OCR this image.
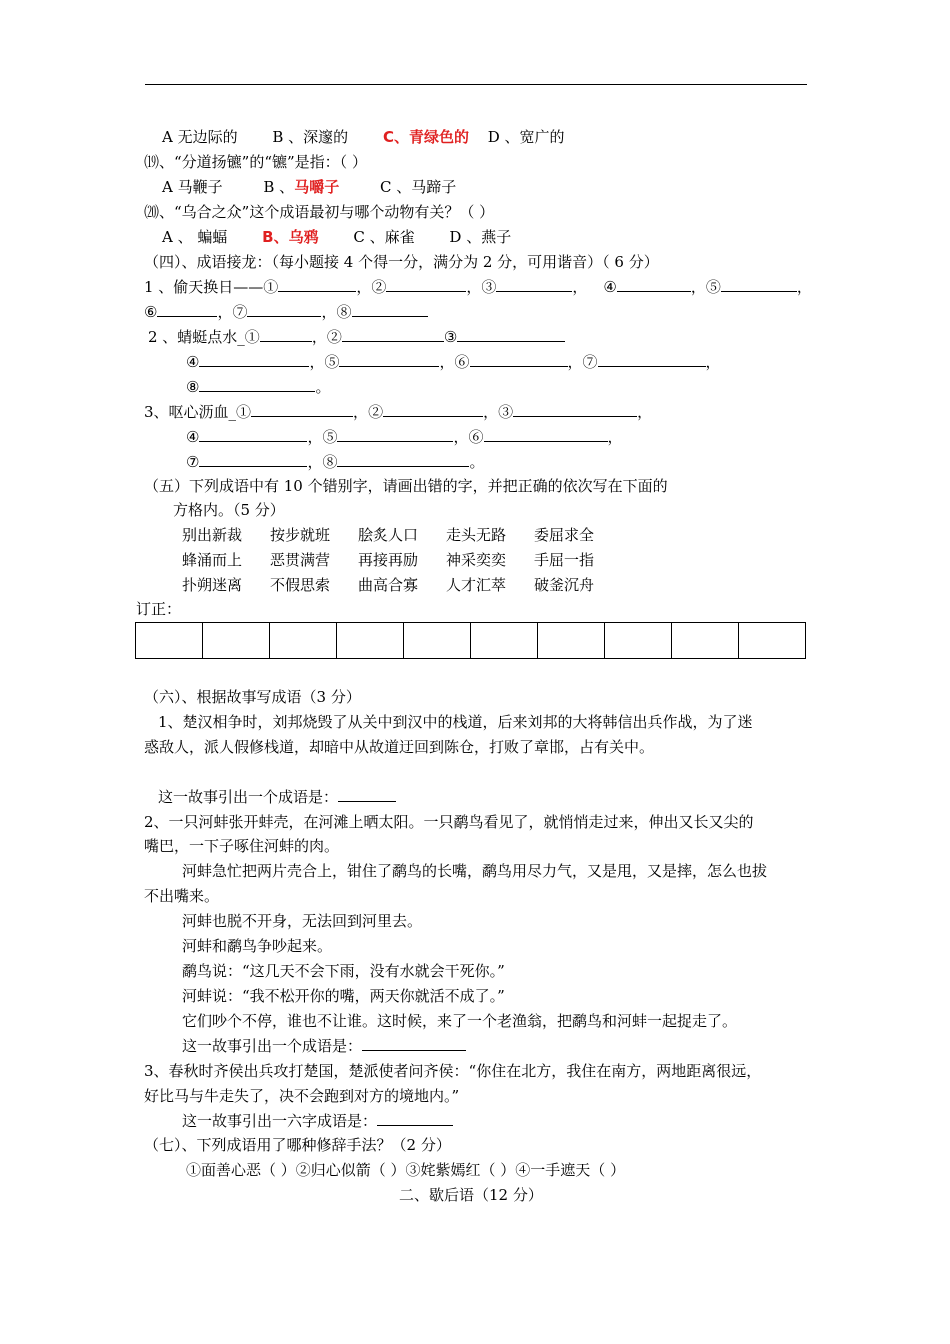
A 无边际的 B 、深邃的 C、青绿色的 D 、宽广的
⒆、“分道扬镳”的“镳”是指：（ ）
A 马鞭子	B 、马嚼子	C 、马蹄子
⒇、“乌合之众”这个成语最初与哪个动物有关？（ ）
A 、 蝙蝠 B、乌鸦 C 、麻雀 D 、燕子
（四）、成语接龙：（每小题接 4 个得一分，满分为 2 分，可用谐音）（ 6 分）
1 、偷天换日——①	，②	，③	， ④	，⑤	，
⑥	，⑦	，⑧
2 、蜻蜓点水_①	，②	③
④	，⑤	，⑥	，⑦	，
⑧	。
3、呕心沥血_①	，②	，③	，
④	，⑤	，⑥	，
⑦	，⑧	。
（五）下列成语中有 10 个错别字，请画出错的字，并把正确的依次写在下面的
方格内。（5 分）
别出新裁 按步就班 脍炙人口 走头无路 委屈求全
蜂涌而上 恶贯满营 再接再励 神采奕奕 手屈一指
扑朔迷离 不假思索 曲高合寡 人才汇萃 破釜沉舟
订正：

（六）、根据故事写成语（3 分）
1、楚汉相争时，刘邦烧毁了从关中到汉中的栈道，后来刘邦的大将韩信出兵作战，为了迷
惑敌人，派人假修栈道，却暗中从故道迂回到陈仓，打败了章邯，占有关中。
这一故事引出一个成语是：
2、一只河蚌张开蚌壳，在河滩上晒太阳。一只鹬鸟看见了，就悄悄走过来，伸出又长又尖的
嘴巴，一下子啄住河蚌的肉。
河蚌急忙把两片壳合上，钳住了鹬鸟的长嘴，鹬鸟用尽力气，又是甩，又是摔，怎么也拔
不出嘴来。
河蚌也脱不开身，无法回到河里去。
河蚌和鹬鸟争吵起来。
鹬鸟说：“这几天不会下雨，没有水就会干死你。”
河蚌说：“我不松开你的嘴，两天你就活不成了。”
它们吵个不停，谁也不让谁。这时候，来了一个老渔翁，把鹬鸟和河蚌一起捉走了。
这一故事引出一个成语是：
3、春秋时齐侯出兵攻打楚国，楚派使者问齐侯：“你住在北方，我住在南方，两地距离很远，
好比马与牛走失了，决不会跑到对方的境地内。”
这一故事引出一六字成语是：
（七）、下列成语用了哪种修辞手法？（2 分）
①面善心恶（ ）②归心似箭（ ）③姹紫嫣红（ ）④一手遮天（ ）
二、歇后语（12 分）
